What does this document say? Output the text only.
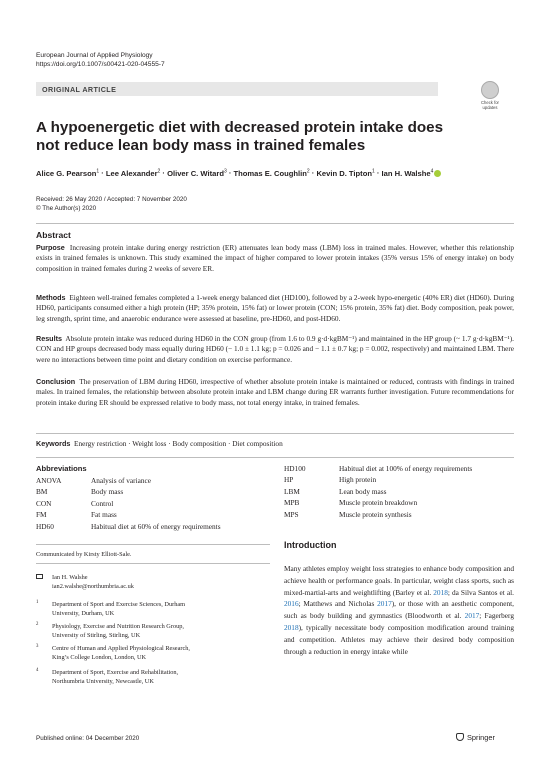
European Journal of Applied Physiology
https://doi.org/10.1007/s00421-020-04555-7
ORIGINAL ARTICLE
Check for updates
A hypoenergetic diet with decreased protein intake does not reduce lean body mass in trained females
Alice G. Pearson$^1$ · Lee Alexander$^2$ · Oliver C. Witard$^3$ · Thomas E. Coughlin$^2$ · Kevin D. Tipton$^1$ · Ian H. Walshe$^4$
Received: 26 May 2020 / Accepted: 7 November 2020
© The Author(s) 2020
Abstract
Purpose Increasing protein intake during energy restriction (ER) attenuates lean body mass (LBM) loss in trained males. However, whether this relationship exists in trained females is unknown. This study examined the impact of higher compared to lower protein intakes (35% versus 15% of energy intake) on body composition in trained females during 2 weeks of severe ER.
Methods Eighteen well-trained females completed a 1-week energy balanced diet (HD100), followed by a 2-week hypo-energetic (40% ER) diet (HD60). During HD60, participants consumed either a high protein (HP; 35% protein, 15% fat) or lower protein (CON; 15% protein, 35% fat) diet. Body composition, peak power, leg strength, sprint time, and anaerobic endurance were assessed at baseline, pre-HD60, and post-HD60.
Results Absolute protein intake was reduced during HD60 in the CON group (from 1.6 to 0.9 g·d·kgBM⁻¹) and maintained in the HP group (~ 1.7 g·d·kgBM⁻¹). CON and HP groups decreased body mass equally during HD60 (− 1.0 ± 1.1 kg; p = 0.026 and − 1.1 ± 0.7 kg; p = 0.002, respectively) and maintained LBM. There were no interactions between time point and dietary condition on exercise performance.
Conclusion The preservation of LBM during HD60, irrespective of whether absolute protein intake is maintained or reduced, contrasts with findings in trained males. In trained females, the relationship between absolute protein intake and LBM change during ER warrants further investigation. Future recommendations for protein intake during ER should be expressed relative to body mass, not total energy intake, in trained females.
Keywords Energy restriction · Weight loss · Body composition · Diet composition
Abbreviations
ANOVA	Analysis of variance
BM	Body mass
CON	Control
FM	Fat mass
HD60	Habitual diet at 60% of energy requirements
HD100	Habitual diet at 100% of energy requirements
HP	High protein
LBM	Lean body mass
MPB	Muscle protein breakdown
MPS	Muscle protein synthesis
Communicated by Kirsty Elliott-Sale.
Ian H. Walshe
ian2.walshe@northumbria.ac.uk
1 Department of Sport and Exercise Sciences, Durham
University, Durham, UK
2 Physiology, Exercise and Nutrition Research Group,
University of Stirling, Stirling, UK
3 Centre of Human and Applied Physiological Research,
King’s College London, London, UK
4 Department of Sport, Exercise and Rehabilitation,
Northumbria University, Newcastle, UK
Introduction
Many athletes employ weight loss strategies to enhance body composition and achieve health or performance goals. In particular, weight class sports, such as mixed-martial-arts and weightlifting (Barley et al. 2018; da Silva Santos et al. 2016; Matthews and Nicholas 2017), or those with an aesthetic component, such as body building and gymnastics (Bloodworth et al. 2017; Fagerberg 2018), typically necessitate body composition modification around training and competition. Athletes may achieve their desired body composition through a reduction in energy intake while
Published online: 04 December 2020	Springer
